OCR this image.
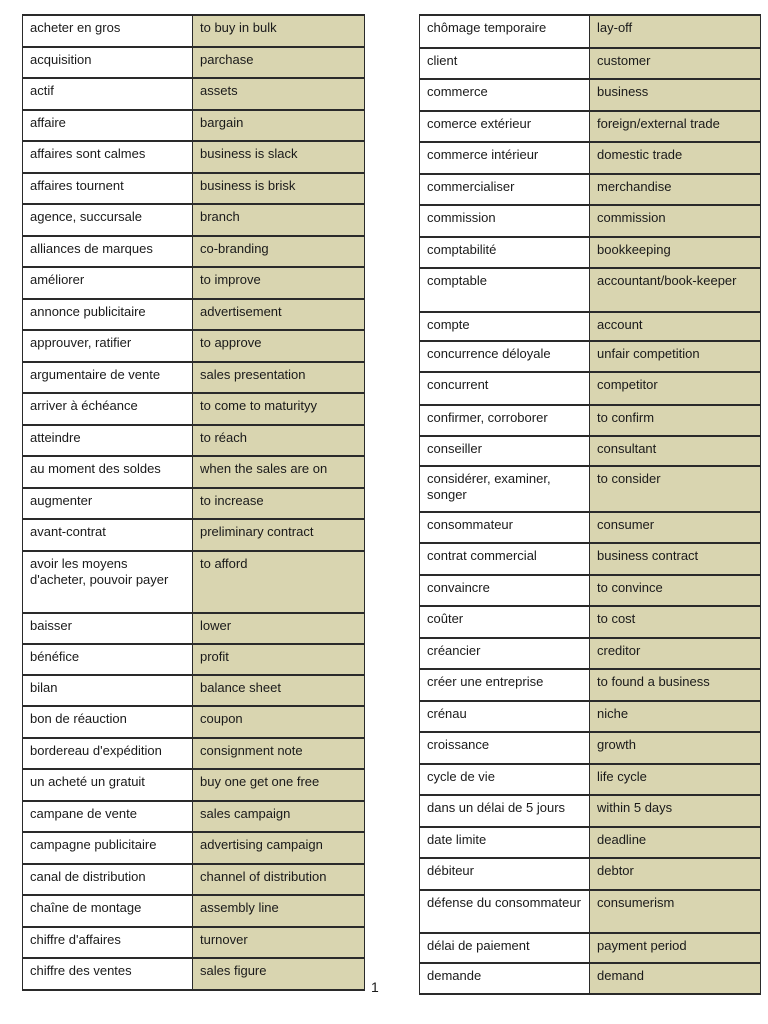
acheter en gros	to buy in bulk
acquisition	parchase
actif	assets
affaire	bargain
affaires sont calmes	business is slack
affaires tournent	business is brisk
agence, succursale	branch
alliances de marques	co-branding
améliorer	to improve
annonce publicitaire	advertisement
approuver, ratifier	to approve
argumentaire de vente	sales presentation
arriver à échéance	to come to maturityy
atteindre	to réach
au moment des soldes	when the sales are on
augmenter	to increase
avant-contrat	preliminary contract
avoir les moyens d'acheter, pouvoir payer	to afford
baisser	lower
bénéfice	profit
bilan	balance sheet
bon de réauction	coupon
bordereau d'expédition	consignment note
un acheté un gratuit	buy one get one free
campane de vente	sales campaign
campagne publicitaire	advertising campaign
canal de distribution	channel of distribution
chaîne de montage	assembly line
chiffre d'affaires	turnover
chiffre des ventes	sales figure
chômage temporaire	lay-off
client	customer
commerce	business
comerce extérieur	foreign/external trade
commerce intérieur	domestic trade
commercialiser	merchandise
commission	commission
comptabilité	bookkeeping
comptable	accountant/book-keeper
compte	account
concurrence déloyale	unfair competition
concurrent	competitor
confirmer, corroborer	to confirm
conseiller	consultant
considérer, examiner, songer	to consider
consommateur	consumer
contrat commercial	business contract
convaincre	to convince
coûter	to cost
créancier	creditor
créer une entreprise	to found a business
crénau	niche
croissance	growth
cycle de vie	life cycle
dans un délai de 5 jours	within 5 days
date limite	deadline
débiteur	debtor
défense du consommateur	consumerism
délai de paiement	payment period
demande	demand
1
